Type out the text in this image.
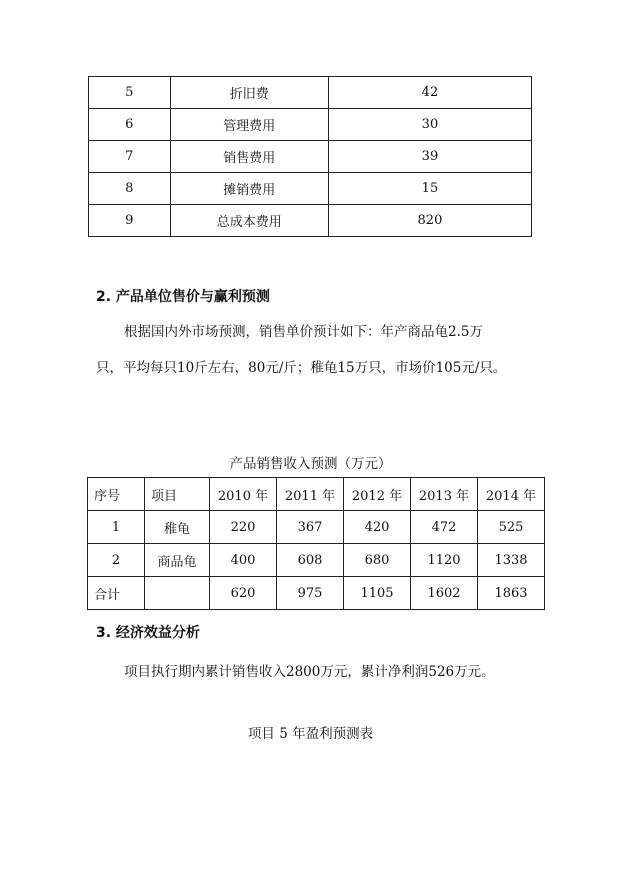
5	折旧费	42
6	管理费用	30
7	销售费用	39
8	摊销费用	15
9	总成本费用	820
2. 产品单位售价与赢利预测
根据国内外市场预测，销售单价预计如下：年产商品龟2.5万
只，平均每只10斤左右，80元/斤；稚龟15万只，市场价105元/只。
产品销售收入预测（万元）
序号	项目	2010 年	2011 年	2012 年	2013 年	2014 年
1	稚龟	220	367	420	472	525
2	商品龟	400	608	680	1120	1338
合计		620	975	1105	1602	1863
3. 经济效益分析
项目执行期内累计销售收入2800万元，累计净利润526万元。
项目 5 年盈利预测表
